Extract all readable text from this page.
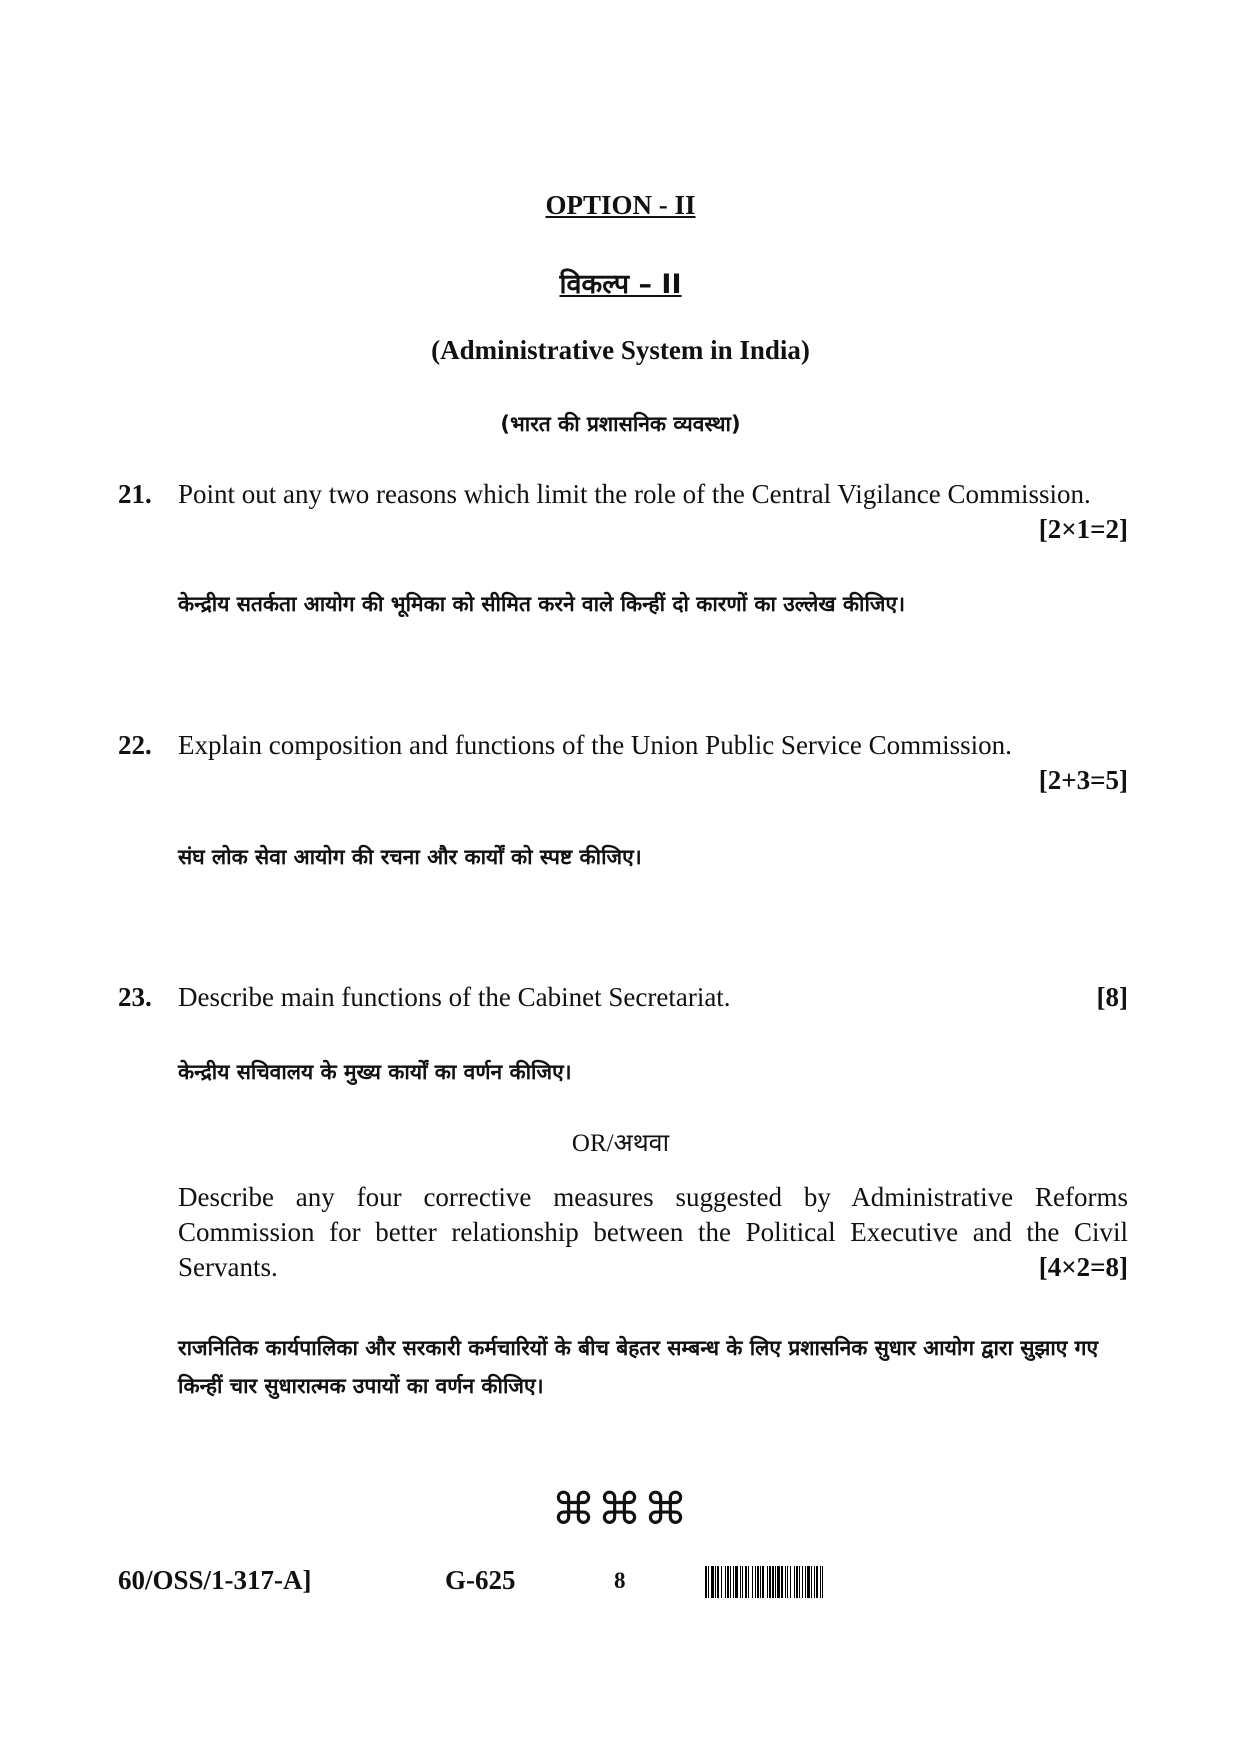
OPTION - II
विकल्प – II
(Administrative System in India)
(भारत की प्रशासनिक व्यवस्था)
21. Point out any two reasons which limit the role of the Central Vigilance Commission.
[2×1=2]
केन्द्रीय सतर्कता आयोग की भूमिका को सीमित करने वाले किन्हीं दो कारणों का उल्लेख कीजिए।
22. Explain composition and functions of the Union Public Service Commission.
[2+3=5]
संघ लोक सेवा आयोग की रचना और कार्यों को स्पष्ट कीजिए।
23. Describe main functions of the Cabinet Secretariat.	[8]
केन्द्रीय सचिवालय के मुख्य कार्यों का वर्णन कीजिए।
OR/अथवा
Describe any four corrective measures suggested by Administrative Reforms Commission for better relationship between the Political Executive and the Civil Servants.	[4×2=8]
राजनितिक कार्यपालिका और सरकारी कर्मचारियों के बीच बेहतर सम्बन्ध के लिए प्रशासनिक सुधार आयोग द्वारा सुझाए गए किन्हीं चार सुधारात्मक उपायों का वर्णन कीजिए।
⌘⌘⌘
60/OSS/1-317-A]	G-625	8
